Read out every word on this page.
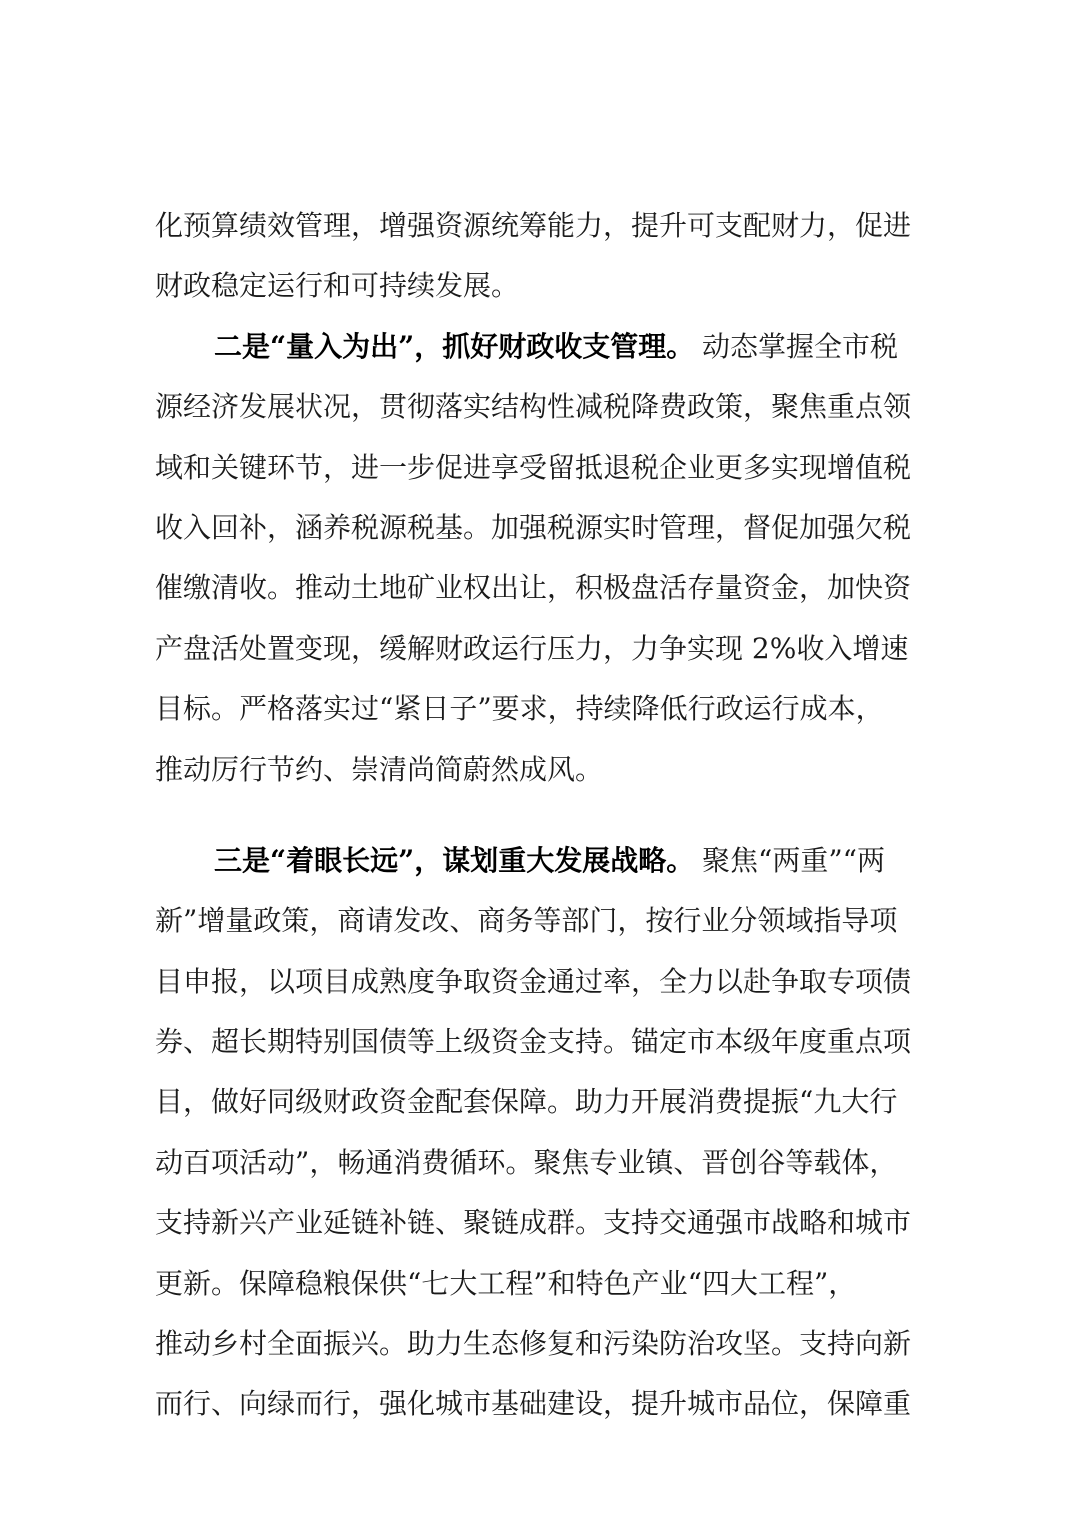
化预算绩效管理，增强资源统筹能力，提升可支配财力，促进
财政稳定运行和可持续发展。
二是“量入为出”，抓好财政收支管理。 动态掌握全市税
源经济发展状况，贯彻落实结构性减税降费政策，聚焦重点领
域和关键环节，进一步促进享受留抵退税企业更多实现增值税
收入回补，涵养税源税基。加强税源实时管理，督促加强欠税
催缴清收。推动土地矿业权出让，积极盘活存量资金，加快资
产盘活处置变现，缓解财政运行压力，力争实现 2%收入增速
目标。严格落实过“紧日子”要求，持续降低行政运行成本，
推动厉行节约、崇清尚简蔚然成风。
三是“着眼长远”，谋划重大发展战略。 聚焦“两重”“两
新”增量政策，商请发改、商务等部门，按行业分领域指导项
目申报，以项目成熟度争取资金通过率，全力以赴争取专项债
券、超长期特别国债等上级资金支持。锚定市本级年度重点项
目，做好同级财政资金配套保障。助力开展消费提振“九大行
动百项活动”，畅通消费循环。聚焦专业镇、晋创谷等载体，
支持新兴产业延链补链、聚链成群。支持交通强市战略和城市
更新。保障稳粮保供“七大工程”和特色产业“四大工程”，
推动乡村全面振兴。助力生态修复和污染防治攻坚。支持向新
而行、向绿而行，强化城市基础建设，提升城市品位，保障重
